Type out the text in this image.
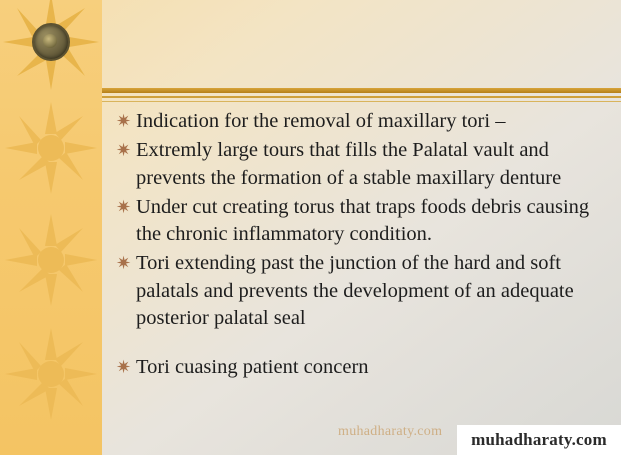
✷ Indication for the removal of maxillary tori –
✷ Extremly large tours that fills the Palatal vault and prevents the formation of a stable maxillary denture
✷ Under cut creating torus that traps foods debris causing the chronic inflammatory condition.
✷ Tori extending past the junction of the hard and soft palatals and prevents the development of an adequate posterior palatal seal
✷ Tori cuasing patient concern
muhadharaty.com muhadharaty.com
